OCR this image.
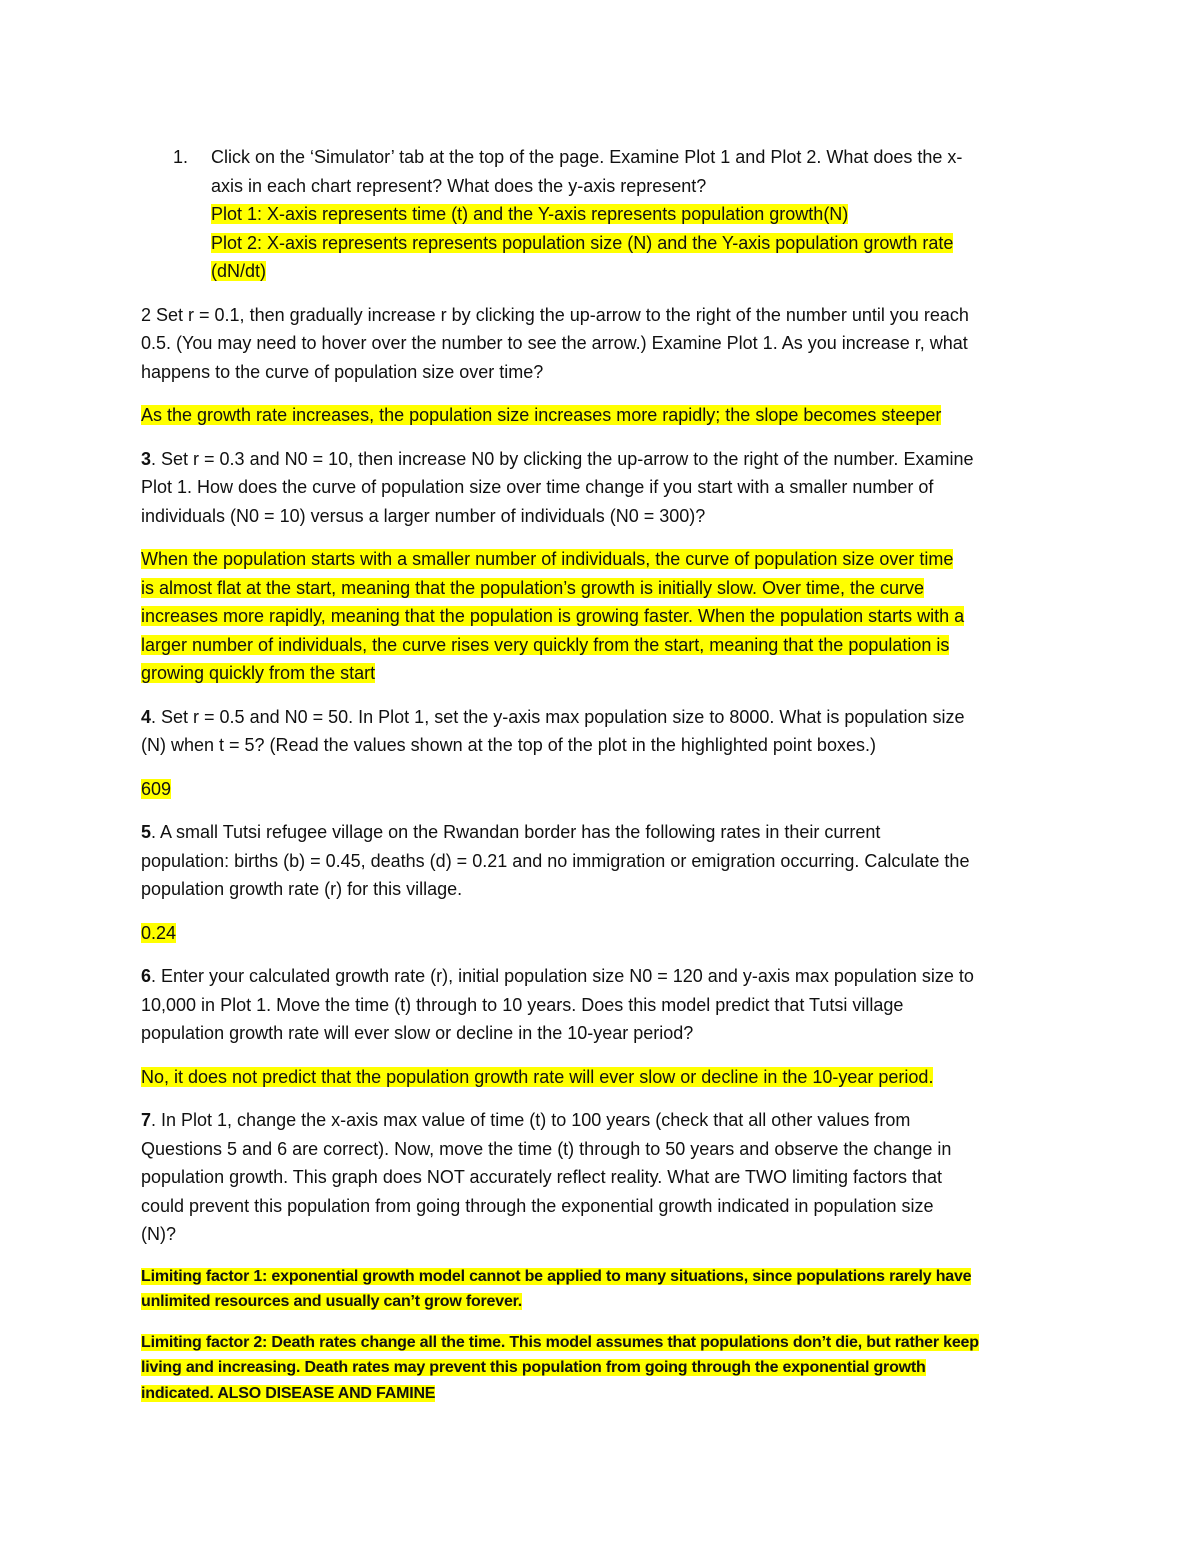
1. Click on the ‘Simulator’ tab at the top of the page. Examine Plot 1 and Plot 2. What does the x-

axis in each chart represent? What does the y-axis represent?

Plot 1: X-axis represents time (t) and the Y-axis represents population growth(N)

Plot 2: X-axis represents represents population size (N) and the Y-axis population growth rate

(dN/dt)

2 Set r = 0.1, then gradually increase r by clicking the up-arrow to the right of the number until you reach

0.5. (You may need to hover over the number to see the arrow.) Examine Plot 1. As you increase r, what

happens to the curve of population size over time?

As the growth rate increases, the population size increases more rapidly; the slope becomes steeper

3. Set r = 0.3 and N0 = 10, then increase N0 by clicking the up-arrow to the right of the number. Examine

Plot 1. How does the curve of population size over time change if you start with a smaller number of

individuals (N0 = 10) versus a larger number of individuals (N0 = 300)?

When the population starts with a smaller number of individuals, the curve of population size over time

is almost flat at the start, meaning that the population’s growth is initially slow. Over time, the curve

increases more rapidly, meaning that the population is growing faster. When the population starts with a

larger number of individuals, the curve rises very quickly from the start, meaning that the population is

growing quickly from the start

4. Set r = 0.5 and N0 = 50. In Plot 1, set the y-axis max population size to 8000. What is population size

(N) when t = 5? (Read the values shown at the top of the plot in the highlighted point boxes.)

609

5. A small Tutsi refugee village on the Rwandan border has the following rates in their current

population: births (b) = 0.45, deaths (d) = 0.21 and no immigration or emigration occurring. Calculate the

population growth rate (r) for this village.

0.24

6. Enter your calculated growth rate (r), initial population size N0 = 120 and y-axis max population size to

10,000 in Plot 1. Move the time (t) through to 10 years. Does this model predict that Tutsi village

population growth rate will ever slow or decline in the 10-year period?

No, it does not predict that the population growth rate will ever slow or decline in the 10-year period.

7. In Plot 1, change the x-axis max value of time (t) to 100 years (check that all other values from

Questions 5 and 6 are correct). Now, move the time (t) through to 50 years and observe the change in

population growth. This graph does NOT accurately reflect reality. What are TWO limiting factors that

could prevent this population from going through the exponential growth indicated in population size

(N)?

Limiting factor 1: exponential growth model cannot be applied to many situations, since populations rarely have

unlimited resources and usually can’t grow forever.

Limiting factor 2: Death rates change all the time. This model assumes that populations don’t die, but rather keep

living and increasing. Death rates may prevent this population from going through the exponential growth

indicated. ALSO DISEASE AND FAMINE
